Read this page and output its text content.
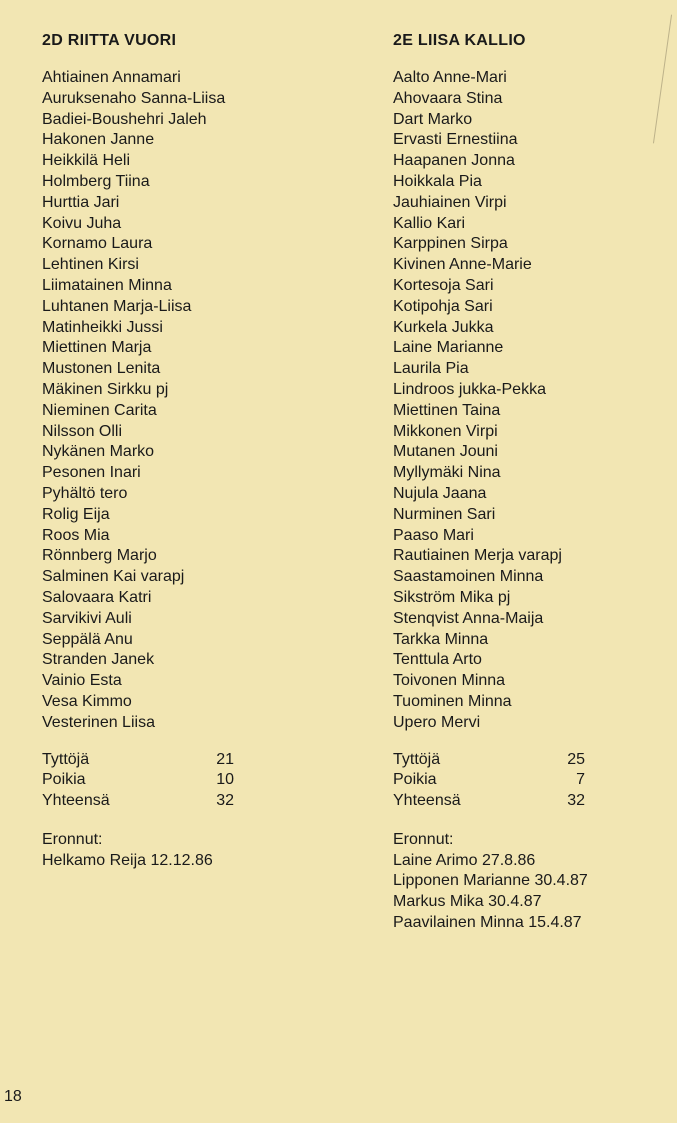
2D RIITTA VUORI
Ahtiainen Annamari
Auruksenaho Sanna-Liisa
Badiei-Boushehri Jaleh
Hakonen Janne
Heikkilä Heli
Holmberg Tiina
Hurttia Jari
Koivu Juha
Kornamo Laura
Lehtinen Kirsi
Liimatainen Minna
Luhtanen Marja-Liisa
Matinheikki Jussi
Miettinen Marja
Mustonen Lenita
Mäkinen Sirkku pj
Nieminen Carita
Nilsson Olli
Nykänen Marko
Pesonen Inari
Pyhältö tero
Rolig Eija
Roos Mia
Rönnberg Marjo
Salminen Kai varapj
Salovaara Katri
Sarvikivi Auli
Seppälä Anu
Stranden Janek
Vainio Esta
Vesa Kimmo
Vesterinen Liisa
Tyttöjä	21
Poikia	10
Yhteensä	32
Eronnut:
Helkamo Reija 12.12.86
2E LIISA KALLIO
Aalto Anne-Mari
Ahovaara Stina
Dart Marko
Ervasti Ernestiina
Haapanen Jonna
Hoikkala Pia
Jauhiainen Virpi
Kallio Kari
Karppinen Sirpa
Kivinen Anne-Marie
Kortesoja Sari
Kotipohja Sari
Kurkela Jukka
Laine Marianne
Laurila Pia
Lindroos jukka-Pekka
Miettinen Taina
Mikkonen Virpi
Mutanen Jouni
Myllymäki Nina
Nujula Jaana
Nurminen Sari
Paaso Mari
Rautiainen Merja varapj
Saastamoinen Minna
Sikström Mika pj
Stenqvist Anna-Maija
Tarkka Minna
Tenttula Arto
Toivonen Minna
Tuominen Minna
Upero Mervi
Tyttöjä	25
Poikia	7
Yhteensä	32
Eronnut:
Laine Arimo 27.8.86
Lipponen Marianne 30.4.87
Markus Mika 30.4.87
Paavilainen Minna 15.4.87
18
